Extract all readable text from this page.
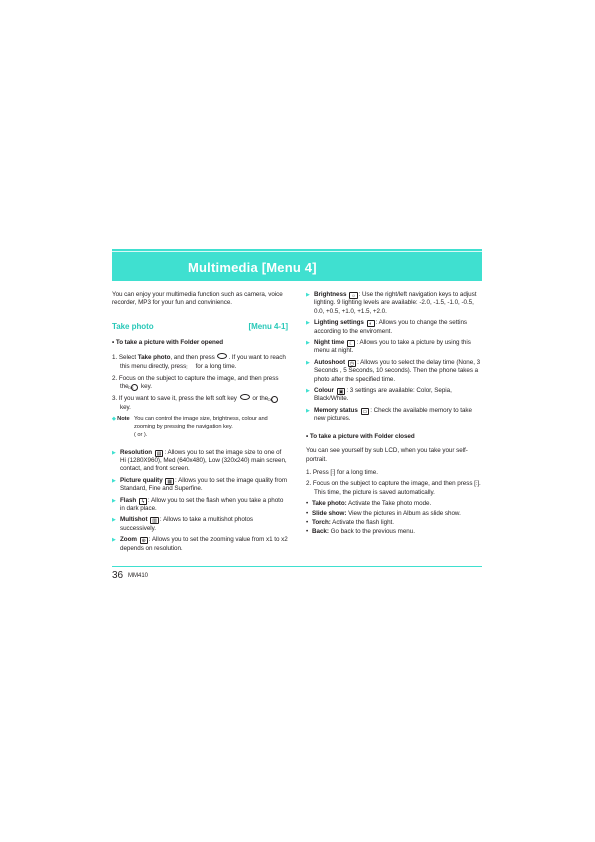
Multimedia [Menu 4]

You can enjoy your multimedia function such as camera, voice recorder, MP3 for your fun and convinience.

Take photo	[Menu 4-1]

• To take a picture with Folder opened

1. Select Take photo, and then press . If you want to reach this menu directly, press ⫶ for a long time.

2. Focus on the subject to capture the image, and then press the OK key.

3. If you want to save it, press the left soft key or the OK key.

◆ Note You can control the image size, brightness, colour and zooming by pressing the navigation key.
( or ).

▶ Resolution ▤ : Allows you to set the image size to one of Hi (1280X960), Med (640x480), Low (320x240) main screen, contact, and front screen.

▶ Picture quality ▦ : Allows you to set the image quality from Standard, Fine and Superfine.

▶ Flash ϟ : Allow you to set the flash when you take a photo in dark place.

▶ Multishot ▥ : Allows to take a multishot photos successively.

▶ Zoom ⊕ : Allows you to set the zooming value from x1 to x2 depends on resolution.

▶ Brightness ☼ : Use the right/left navigation keys to adjust lighting. 9 lighting levels are available: -2.0, -1.5, -1.0, -0.5, 0.0, +0.5, +1.0, +1.5, +2.0.

▶ Lighting settings ◐ : Allows you to change the settins according to the enviroment.

▶ Night time ☾ : Allows you to take a picture by using this menu at night.

▶ Autoshoot ◷ : Allows you to select the delay time (None, 3 Seconds , 5 Seconds, 10 seconds). Then the phone takes a photo after the specified time.

▶ Colour ▣ : 3 settings are available: Color, Sepia, Black/White.

▶ Memory status ▭ : Check the available memory to take new pictures.

• To take a picture with Folder closed

You can see yourself by sub LCD, when you take your self-portrait.

1. Press [⫶] for a long time.

2. Focus on the subject to capture the image, and then press [⫶]. This time, the picture is saved automatically.

• Take photo: Activate the Take photo mode.

• Slide show: View the pictures in Album as slide show.

• Torch: Activate the flash light.

• Back: Go back to the previous menu.

36 MM410
